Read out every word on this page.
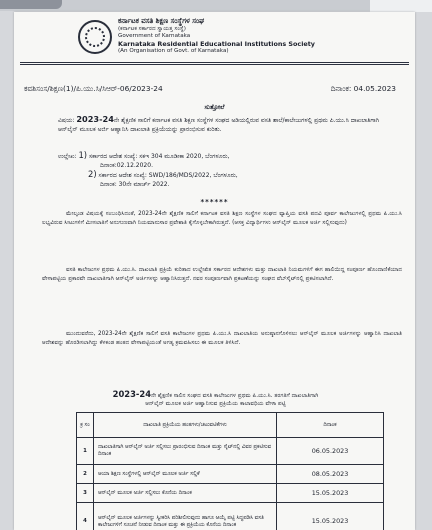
ಕರ್ನಾಟಕ ವಸತಿ ಶಿಕ್ಷಣ ಸಂಸ್ಥೆಗಳ ಸಂಘ
(ಕರ್ನಾಟಕ ಸರ್ಕಾರದ ಸ್ವಾಯತ್ತ ಸಂಸ್ಥೆ)
Government of Karnataka
Karnataka Residential Educational Institutions Society
(An Organisation of Govt. of Karnataka)
ಕವಶಿಸಂಸ/ಶಿಕ್ಷಣ(1)/ಪಿ.ಯು.ಸಿ/ಸಿಆರ್-06/2023-24	ದಿನಾಂಕ: 04.05.2023
ಸುತ್ತೋಲೆ
ವಿಷಯ: 2023-24ನೇ ಶೈಕ್ಷಣಿಕ ಸಾಲಿಗೆ ಕರ್ನಾಟಕ ವಸತಿ ಶಿಕ್ಷಣ ಸಂಸ್ಥೆಗಳ ಸಂಘದ ಅಡಿಯಲ್ಲಿರುವ ವಸತಿ ಶಾಲೆ/ಕಾಲೇಜುಗಳಲ್ಲಿ ಪ್ರಥಮ ಪಿ.ಯು.ಸಿ ದಾಖಲಾತಿಗಾಗಿ ಆನ್‌ಲೈನ್ ಮೂಲಕ ಅರ್ಜಿ ಆಹ್ವಾನಿಸಿ ದಾಖಲಾತಿ ಪ್ರಕ್ರಿಯೆಯನ್ನು ಪ್ರಾರಂಭಿಸುವ ಕುರಿತು.
ಉಲ್ಲೇಖ: 1) ಸರ್ಕಾರದ ಆದೇಶ ಸಂಖ್ಯೆ: ಸಕಇ 304 ಮೂಡೀಕಾ 2020, ಬೆಂಗಳೂರು,
ದಿನಾಂಕ:02.12.2020.
2) ಸರ್ಕಾರದ ಆದೇಶ ಸಂಖ್ಯೆ: SWD/186/MDS/2022, ಬೆಂಗಳೂರು,
ದಿನಾಂಕ: 30ನೇ ಮಾರ್ಚ್ 2022.
******
ಮೇಲ್ಕಂಡ ವಿಷಯಕ್ಕೆ ಸಂಬಂಧಿಸಿದಂತೆ, 2023-24ನೇ ಶೈಕ್ಷಣಿಕ ಸಾಲಿಗೆ ಕರ್ನಾಟಕ ವಸತಿ ಶಿಕ್ಷಣ ಸಂಸ್ಥೆಗಳ ಸಂಘದ ವ್ಯಾಪ್ತಿಯ ವಸತಿ ಪದವಿ ಪೂರ್ವ ಕಾಲೇಜುಗಳಲ್ಲಿ ಪ್ರಥಮ ಪಿ.ಯು.ಸಿ ಲಭ್ಯವಿರುವ ಸೀಟುಗಳಿಗೆ ಮೀಸಲಾತಿಗೆ ಅನುಗುಣವಾಗಿ ನಿಯಮಾನುಸಾರ ಪ್ರವೇಶಾತಿ ಕೈಗೊಳ್ಳಬೇಕಾಗಿರುತ್ತದೆ. (ಆಸಕ್ತ ವಿದ್ಯಾರ್ಥಿಗಳು ಆನ್‌ಲೈನ್ ಮೂಲಕ ಅರ್ಜಿ ಸಲ್ಲಿಸುವುದು)
ವಸತಿ ಕಾಲೇಜುಗಳ ಪ್ರಥಮ ಪಿ.ಯು.ಸಿ. ದಾಖಲಾತಿ ಪ್ರಕ್ರಿಯೆ ಕುರಿತಾದ ಉಲ್ಲೇಖಿತ ಸರ್ಕಾರದ ಆದೇಶಗಳು ಮತ್ತು ದಾಖಲಾತಿ ನಿಯಮಗಳಿಗೆ ಈಗ ಹಾಲಿಯಿದ್ದ ಸಂಪೂರ್ಣ ಹೊಂದಾಣಿಕೆಯಾದ ವೇಳಾಪಟ್ಟಿಯ ಪ್ರಕಾರವೇ ದಾಖಲಾತಿಗಾಗಿ ಆನ್‌ಲೈನ್ ಅರ್ಜಿಗಳನ್ನು ಆಹ್ವಾನಿಸಿರುತ್ತದೆ. ನವರ ಸಂಪೂರ್ಣವಾಗಿ ಪ್ರಕಟಣೆಯನ್ನು ಸಂಘದ ವೆಬ್‌ಸೈಟ್‌ನಲ್ಲಿ ಪ್ರಕಟಿಸಲಾಗಿದೆ.
ಮುಂದುವರೆದು, 2023-24ನೇ ಶೈಕ್ಷಣಿಕ ಸಾಲಿಗೆ ವಸತಿ ಕಾಲೇಜುಗಳ ಪ್ರಥಮ ಪಿ.ಯು.ಸಿ ದಾಖಲಾತಿಯ ಅನುಷ್ಠಾನಗೊಳಿಸಲು ಆನ್‌ಲೈನ್ ಮೂಲಕ ಅರ್ಜಿಗಳನ್ನು ಆಹ್ವಾನಿಸಿ ದಾಖಲಾತಿ ಆದೇಶವನ್ನು ಹೊರಡಿಸಲಾಗಿದ್ದು ಕೆಳಕಂಡ ಹಂತದ ವೇಳಾಪಟ್ಟಿಯಂತೆ ಅಗತ್ಯ ಕ್ರಮವಹಿಸಲು ಈ ಮೂಲಕ ತಿಳಿಸಿದೆ.
2023-24ನೇ ಶೈಕ್ಷಣಿಕ ಸಾಲಿನ ಸಂಘದ ವಸತಿ ಕಾಲೇಜುಗಳ ಪ್ರಥಮ ಪಿ.ಯು.ಸಿ. ತರಗತಿಗೆ ದಾಖಲಾತಿಗಾಗಿ
ಆನ್‌ಲೈನ್ ಮೂಲಕ ಅರ್ಜಿ ಆಹ್ವಾನಿಸುವ ಪ್ರಕ್ರಿಯೆಯ ಕಾಲಾವಧಿಯ ವೇಳಾ ಪಟ್ಟಿ
ಕ್ರ ಸಂ	ದಾಖಲಾತಿ ಪ್ರಕ್ರಿಯೆಯ ಹಂತಗಳು/ಚಟುವಟಿಕೆಗಳು	ದಿನಾಂಕ
1	ದಾಖಲಾತಿಗಾಗಿ ಆನ್‌ಲೈನ್ ಅರ್ಜಿ ಸಲ್ಲಿಸಲು ಪ್ರಾರಂಭಿಸುವ ದಿನಾಂಕ ಮತ್ತು ಸೈಟ್‌ನಲ್ಲಿ ವಿವರ ಪ್ರಕಟಿಸುವ ದಿನಾಂಕ	06.05.2023
2	ಆಯಾ ಶಿಕ್ಷಣ ಸಂಸ್ಥೆಗಳಲ್ಲಿ ಆನ್‌ಲೈನ್ ಮೂಲಕ ಅರ್ಜಿ ಸಲ್ಲಿಕೆ	08.05.2023
3	ಆನ್‌ಲೈನ್ ಮೂಲಕ ಅರ್ಜಿ ಸಲ್ಲಿಸಲು ಕೊನೆಯ ದಿನಾಂಕ	15.05.2023
4	ಆನ್‌ಲೈನ್ ಮೂಲಕ ಅರ್ಜಿಗಳನ್ನು ಸ್ವೀಕರಿಸಿ ಪರಿಶೀಲಿಸುವುದು ಹಾಗೂ ಆಯ್ಕೆ ಪಟ್ಟಿ ಸಿದ್ಧಪಡಿಸಿ ವಸತಿ ಕಾಲೇಜುಗಳಿಗೆ ಸೂಚನೆ ನೀಡುವ ದಿನಾಂಕ ಮತ್ತು ಈ ಪ್ರಕ್ರಿಯೆಯ ಕೊನೆಯ ದಿನಾಂಕ	15.05.2023
